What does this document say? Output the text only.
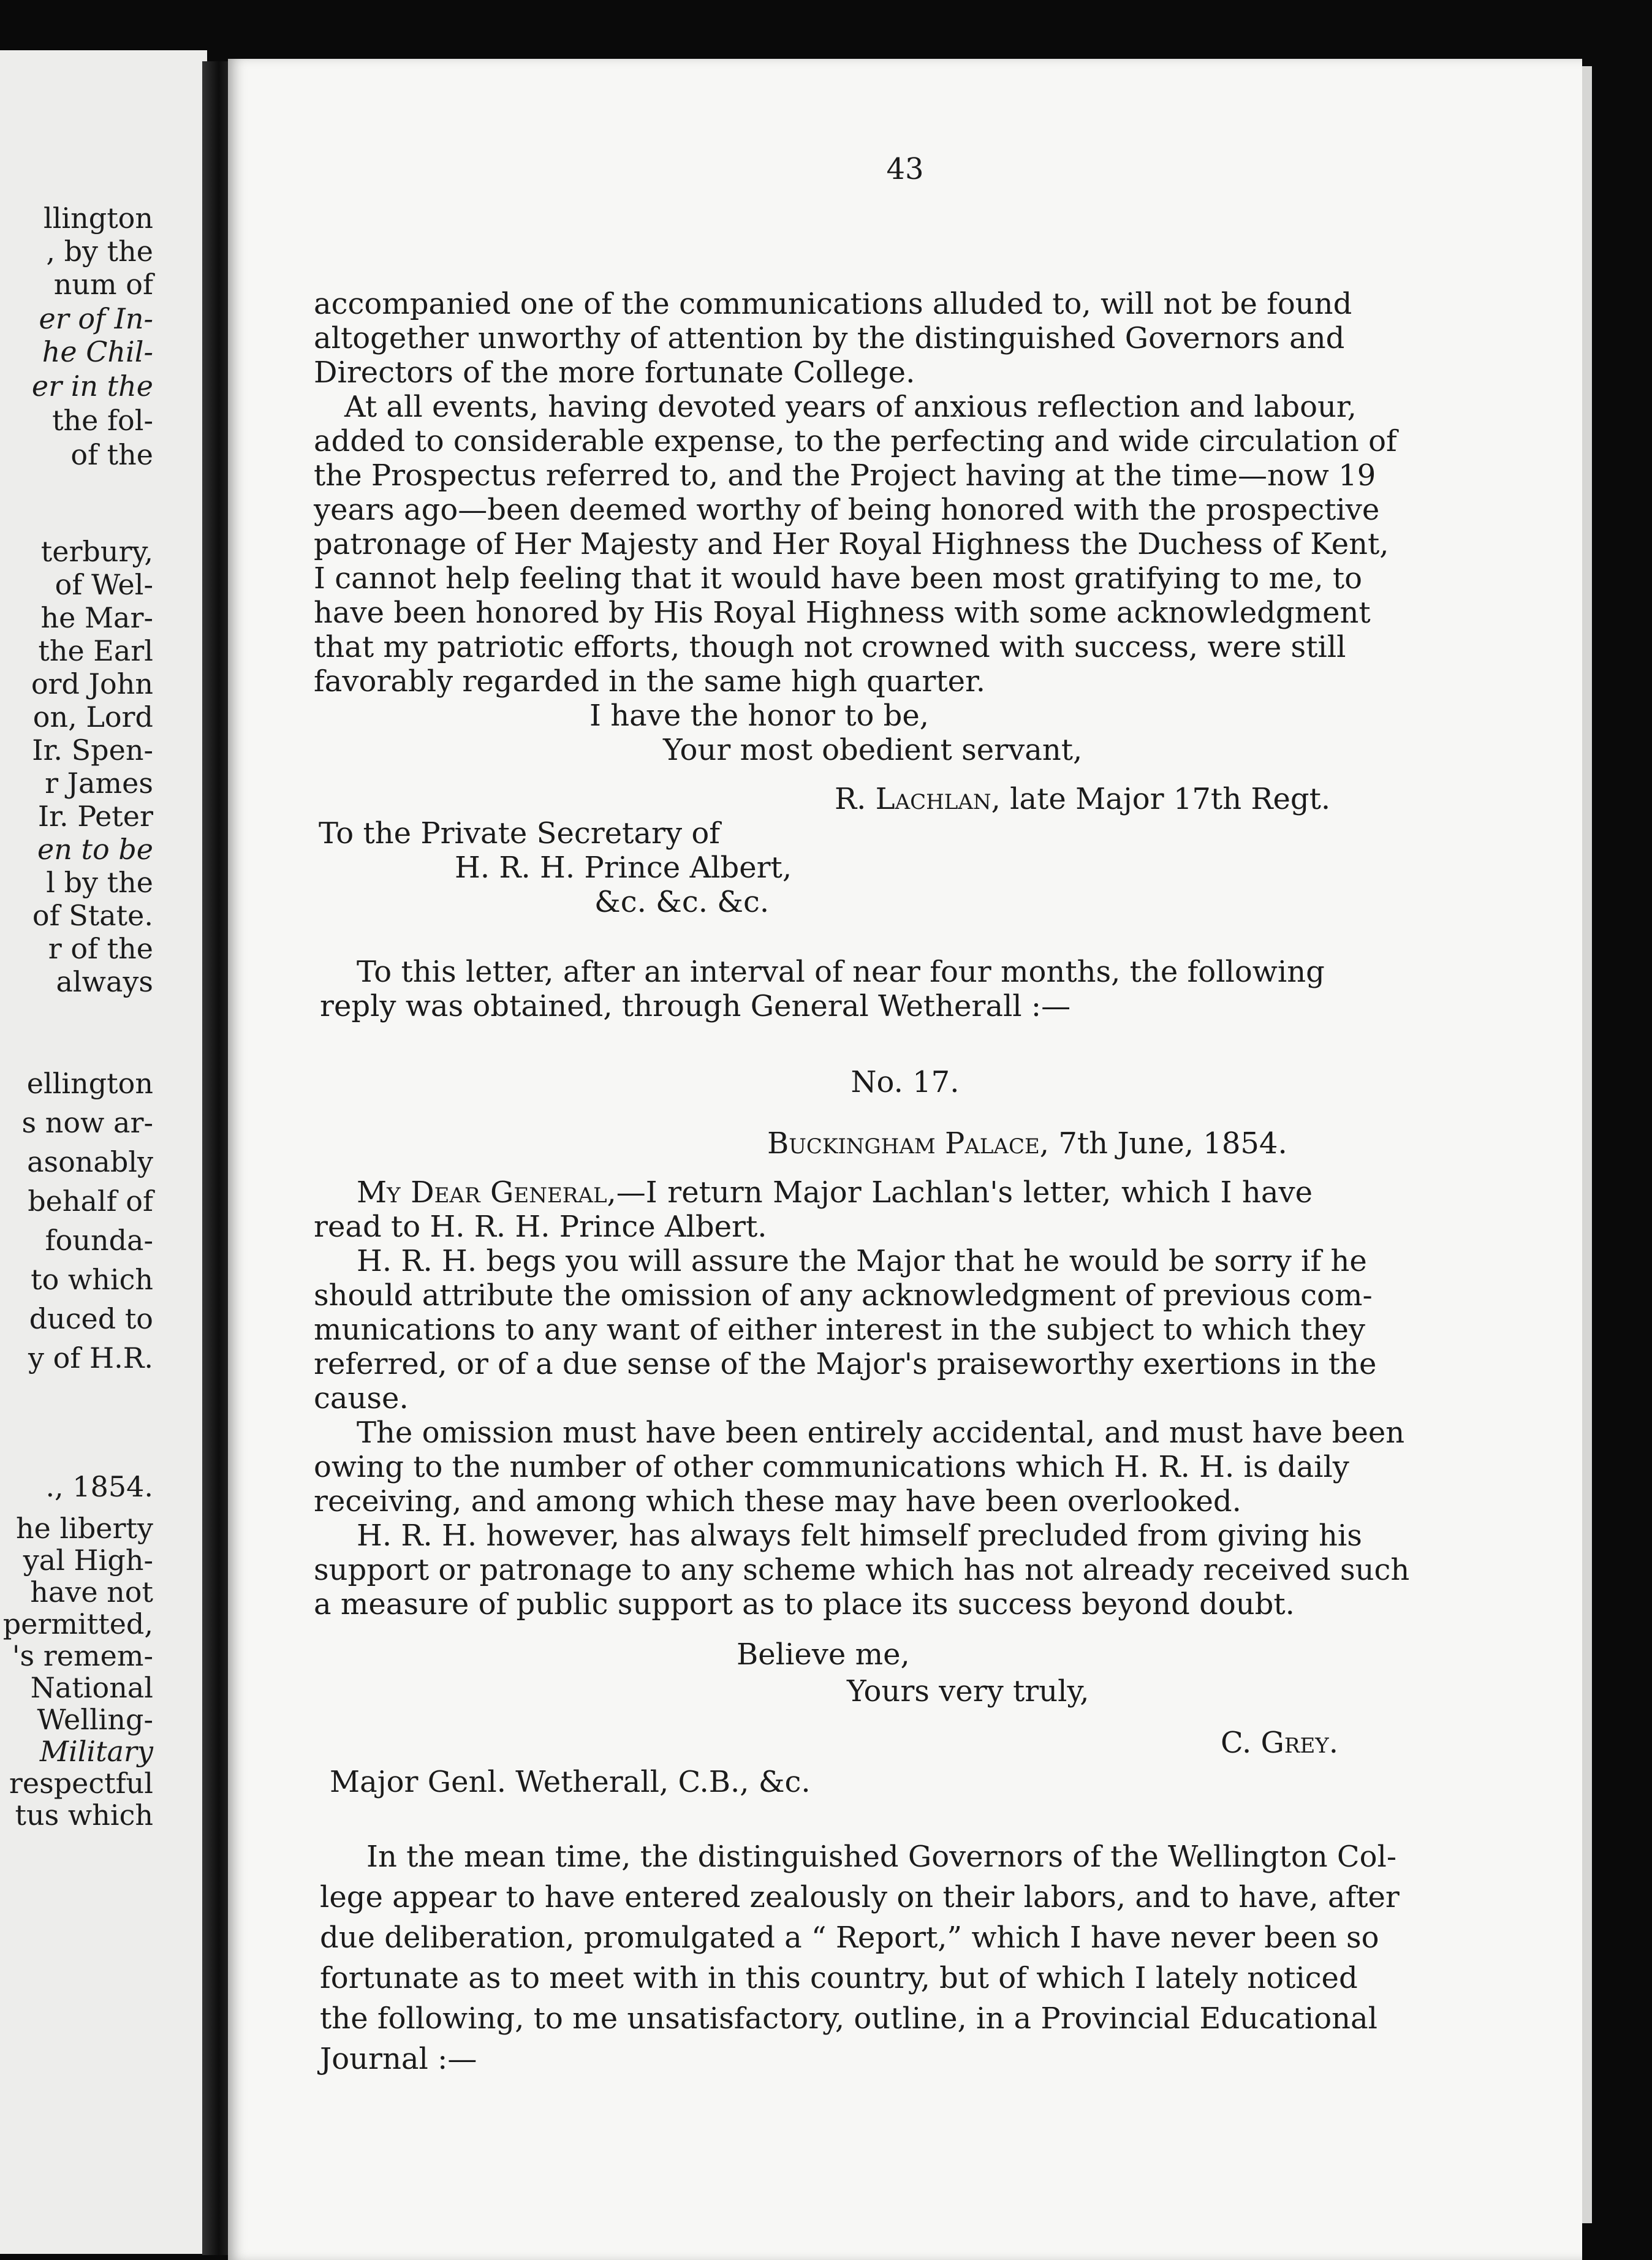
llington
, by the
num of
er of In-
he Chil-
er in the
the fol-
of the
terbury,
of Wel-
he Mar-
the Earl
ord John
on, Lord
Ir. Spen-
r James
Ir. Peter
en to be
l by the
of State.
r of the
always
ellington
s now ar-
asonably
behalf of
foundа-
to which
duced to
y of H.R.
., 1854.
he liberty
yal High-
have not
permitted,
's remem-
National
Welling-
Military
respectful
tus which
43
accompanied one of the communications alluded to, will not be found
altogether unworthy of attention by the distinguished Governors and
Directors of the more fortunate College.
At all events, having devoted years of anxious reflection and labour,
added to considerable expense, to the perfecting and wide circulation of
the Prospectus referred to, and the Project having at the time—now 19
years ago—been deemed worthy of being honored with the prospective
patronage of Her Majesty and Her Royal Highness the Duchess of Kent,
I cannot help feeling that it would have been most gratifying to me, to
have been honored by His Royal Highness with some acknowledgment
that my patriotic efforts, though not crowned with success, were still
favorably regarded in the same high quarter.
I have the honor to be,
Your most obedient servant,
R. Lachlan, late Major 17th Regt.
To the Private Secretary of
H. R. H. Prince Albert,
&c. &c. &c.
To this letter, after an interval of near four months, the following
reply was obtained, through General Wetherall :—
No. 17.
Buckingham Palace, 7th June, 1854.
My Dear General,—I return Major Lachlan's letter, which I have
read to H. R. H. Prince Albert.
H. R. H. begs you will assure the Major that he would be sorry if he
should attribute the omission of any acknowledgment of previous com-
munications to any want of either interest in the subject to which they
referred, or of a due sense of the Major's praiseworthy exertions in the
cause.
The omission must have been entirely accidental, and must have been
owing to the number of other communications which H. R. H. is daily
receiving, and among which these may have been overlooked.
H. R. H. however, has always felt himself precluded from giving his
support or patronage to any scheme which has not already received such
a measure of public support as to place its success beyond doubt.
Believe me,
Yours very truly,
C. Grey.
Major Genl. Wetherall, C.B., &c.
In the mean time, the distinguished Governors of the Wellington Col-
lege appear to have entered zealously on their labors, and to have, after
due deliberation, promulgated a “ Report,” which I have never been so
fortunate as to meet with in this country, but of which I lately noticed
the following, to me unsatisfactory, outline, in a Provincial Educational
Journal :—
